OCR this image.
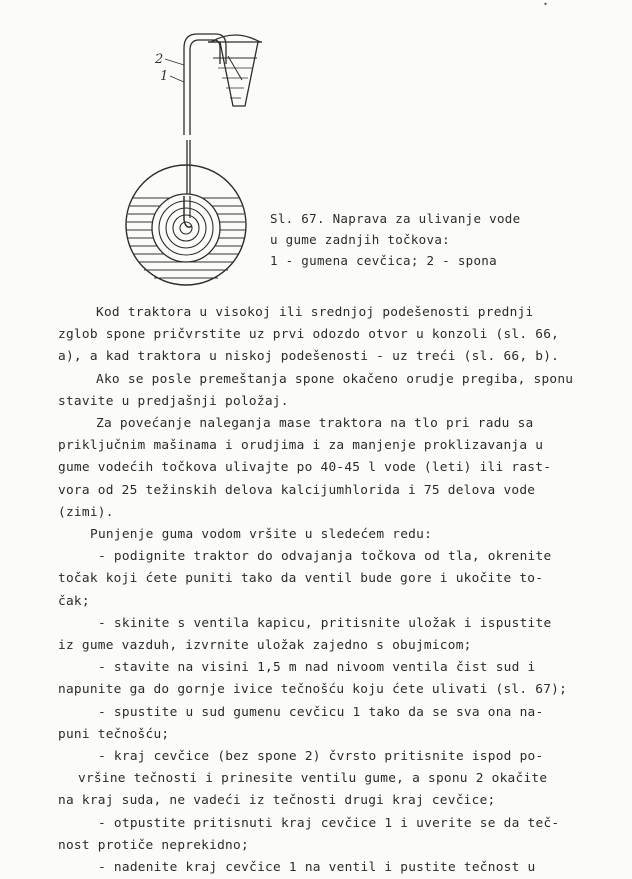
•
2
1
Sl. 67. Naprava za ulivanje vode
u gume zadnjih točkova:
1 - gumena cevčica; 2 - spona
Kod traktora u visokoj ili srednjoj podešenosti prednji
zglob spone pričvrstite uz prvi odozdo otvor u konzoli (sl. 66,
a), a kad traktora u niskoj podešenosti - uz treći (sl. 66, b).
Ako se posle premeštanja spone okačeno orudje pregiba, sponu
stavite u predjašnji položaj.
Za povećanje naleganja mase traktora na tlo pri radu sa
priključnim mašinama i orudjima i za manjenje proklizavanja u
gume vodećih točkova ulivajte po 40-45 l vode (leti) ili rast-
vora od 25 težinskih delova kalcijumhlorida i 75 delova vode
(zimi).
Punjenje guma vodom vršite u sledećem redu:
- podignite traktor do odvajanja točkova od tla, okrenite
točak koji ćete puniti tako da ventil bude gore i ukočite to-
čak;
- skinite s ventila kapicu, pritisnite uložak i ispustite
iz gume vazduh, izvrnite uložak zajedno s obujmicom;
- stavite na visini 1,5 m nad nivoom ventila čist sud i
napunite ga do gornje ivice tečnošću koju ćete ulivati (sl. 67);
- spustite u sud gumenu cevčicu 1 tako da se sva ona na-
puni tečnošću;
- kraj cevčice (bez spone 2) čvrsto pritisnite ispod po-
vršine tečnosti i prinesite ventilu gume, a sponu 2 okačite
na kraj suda, ne vadeći iz tečnosti drugi kraj cevčice;
- otpustite pritisnuti kraj cevčice 1 i uverite se da teč-
nost protiče neprekidno;
- nadenite kraj cevčice 1 na ventil i pustite tečnost u
